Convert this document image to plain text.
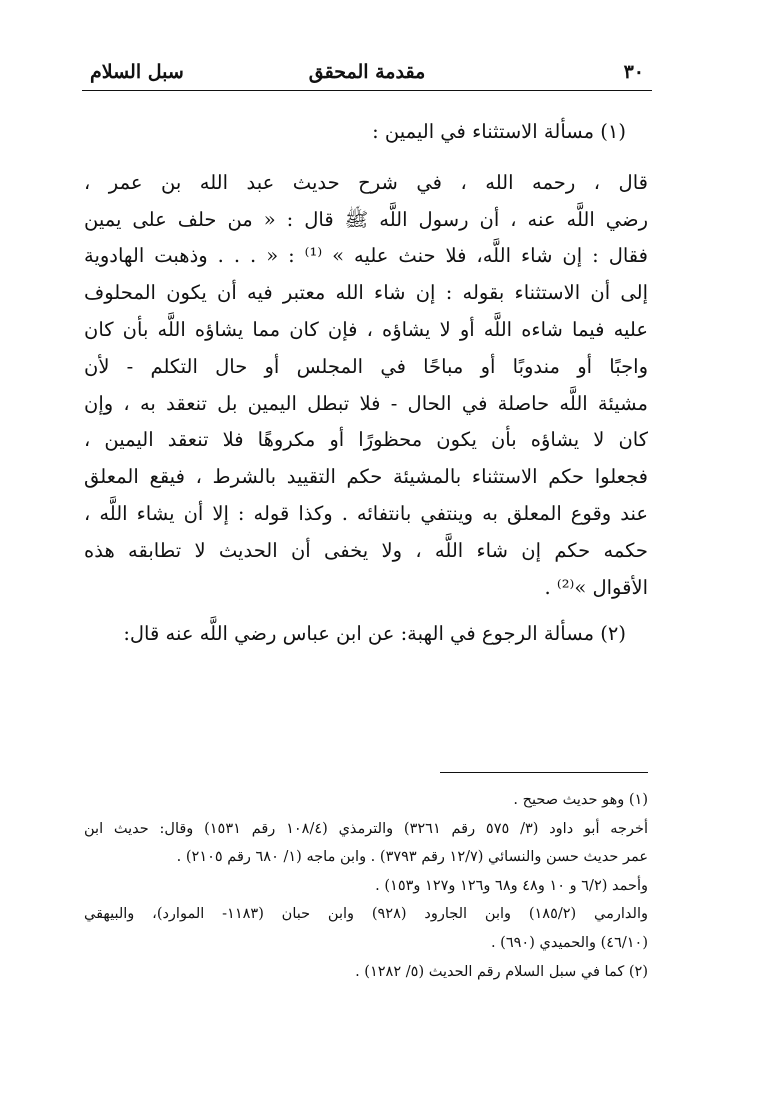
٣٠
مقدمة المحقق
سبل السلام
(١) مسألة الاستثناء في اليمين :
قال ، رحمه الله ، في شرح حديث عبد الله بن عمر ،
رضي اللَّه عنه ، أن رسول اللَّه ﷺ قال : « من حلف على يمين
فقال : إن شاء اللَّه، فلا حنث عليه » ⁽¹⁾ : « . . . وذهبت الهادوية
إلى أن الاستثناء بقوله : إن شاء الله معتبر فيه أن يكون المحلوف
عليه فيما شاءه اللَّه أو لا يشاؤه ، فإن كان مما يشاؤه اللَّه بأن كان
واجبًا أو مندوبًا أو مباحًا في المجلس أو حال التكلم - لأن
مشيئة اللَّه حاصلة في الحال - فلا تبطل اليمين بل تنعقد به ، وإن
كان لا يشاؤه بأن يكون محظورًا أو مكروهًا فلا تنعقد اليمين ،
فجعلوا حكم الاستثناء بالمشيئة حكم التقييد بالشرط ، فيقع المعلق
عند وقوع المعلق به وينتفي بانتفائه . وكذا قوله : إلا أن يشاء اللَّه ،
حكمه حكم إن شاء اللَّه ، ولا يخفى أن الحديث لا تطابقه هذه
الأقوال »⁽²⁾ .
(٢) مسألة الرجوع في الهبة: عن ابن عباس رضي اللَّه عنه قال:
(١) وهو حديث صحيح .
أخرجه أبو داود (٣/ ٥٧٥ رقم ٣٢٦١) والترمذي (١٠٨/٤ رقم ١٥٣١) وقال: حديث ابن
عمر حديث حسن والنسائي (١٢/٧ رقم ٣٧٩٣) . وابن ماجه (١/ ٦٨٠ رقم ٢١٠٥) .
وأحمد (٦/٢ و ١٠ و٤٨ و٦٨ و١٢٦ و١٢٧ و١٥٣) .
والدارمي (١٨٥/٢) وابن الجارود (٩٢٨) وابن حبان (١١٨٣- الموارد)، والبيهقي
(٤٦/١٠) والحميدي (٦٩٠) .
(٢) كما في سبل السلام رقم الحديث (٥/ ١٢٨٢) .
